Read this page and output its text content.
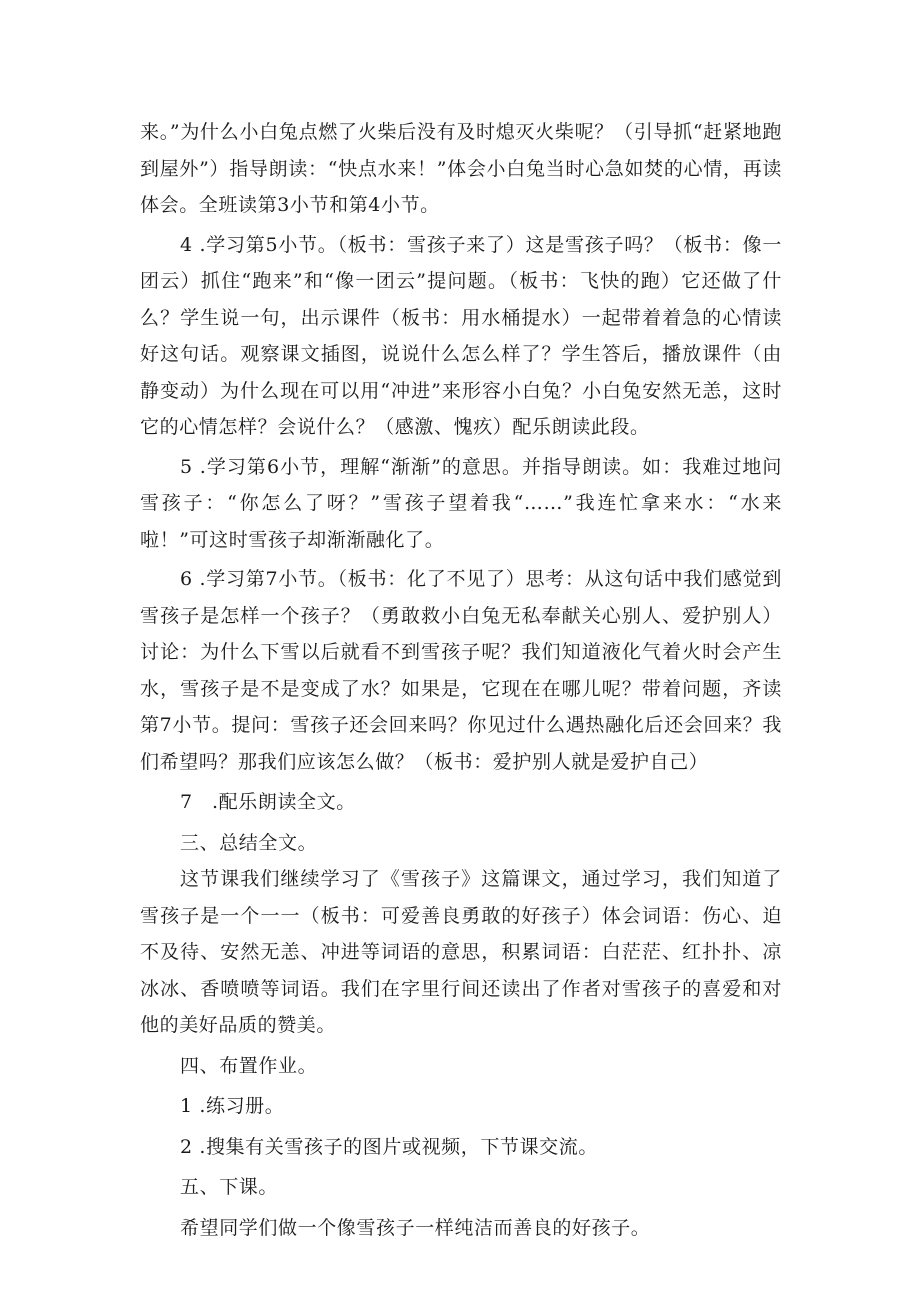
来。”为什么小白兔点燃了火柴后没有及时熄灭火柴呢？（引导抓“赶紧地跑到屋外”）指导朗读：“快点水来！”体会小白兔当时心急如焚的心情，再读体会。全班读第3小节和第4小节。

4 .学习第5小节。（板书：雪孩子来了）这是雪孩子吗？（板书：像一团云）抓住“跑来”和“像一团云”提问题。（板书：飞快的跑）它还做了什么？学生说一句，出示课件（板书：用水桶提水）一起带着着急的心情读好这句话。观察课文插图，说说什么怎么样了？学生答后，播放课件（由静变动）为什么现在可以用“冲进”来形容小白兔？小白兔安然无恙，这时它的心情怎样？会说什么？（感激、愧疚）配乐朗读此段。

5 .学习第6小节，理解“渐渐”的意思。并指导朗读。如：我难过地问雪孩子：“你怎么了呀？”雪孩子望着我“……”我连忙拿来水：“水来啦！”可这时雪孩子却渐渐融化了。

6 .学习第7小节。（板书：化了不见了）思考：从这句话中我们感觉到雪孩子是怎样一个孩子？（勇敢救小白兔无私奉献关心别人、爱护别人）讨论：为什么下雪以后就看不到雪孩子呢？我们知道液化气着火时会产生水，雪孩子是不是变成了水？如果是，它现在在哪儿呢？带着问题，齐读第7小节。提问：雪孩子还会回来吗？你见过什么遇热融化后还会回来？我们希望吗？那我们应该怎么做？（板书：爱护别人就是爱护自己）

7 .配乐朗读全文。

三、总结全文。

这节课我们继续学习了《雪孩子》这篇课文，通过学习，我们知道了雪孩子是一个一一（板书：可爱善良勇敢的好孩子）体会词语：伤心、迫不及待、安然无恙、冲进等词语的意思，积累词语：白茫茫、红扑扑、凉冰冰、香喷喷等词语。我们在字里行间还读出了作者对雪孩子的喜爱和对他的美好品质的赞美。

四、布置作业。

1 .练习册。

2 .搜集有关雪孩子的图片或视频，下节课交流。

五、下课。

希望同学们做一个像雪孩子一样纯洁而善良的好孩子。
